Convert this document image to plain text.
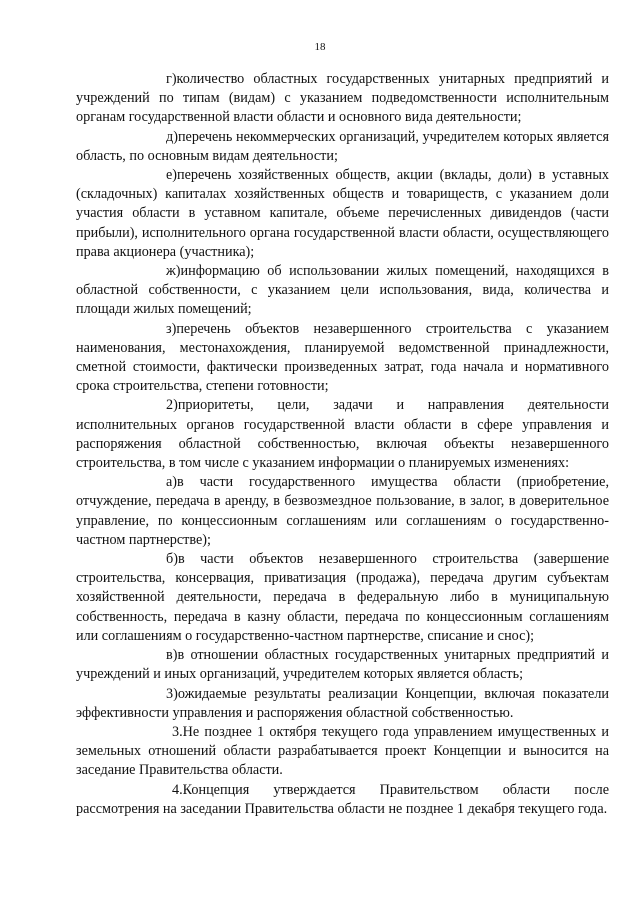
18

г)количество областных государственных унитарных предприятий и учреждений по типам (видам) с указанием подведомственности исполнительным органам государственной власти области и основного вида деятельности;

д)перечень некоммерческих организаций, учредителем которых является область, по основным видам деятельности;

е)перечень хозяйственных обществ, акции (вклады, доли) в уставных (складочных) капиталах хозяйственных обществ и товариществ, с указанием доли участия области в уставном капитале, объеме перечисленных дивидендов (части прибыли), исполнительного органа государственной власти области, осуществляющего права акционера (участника);

ж)информацию об использовании жилых помещений, находящихся в областной собственности, с указанием цели использования, вида, количества и площади жилых помещений;

з)перечень объектов незавершенного строительства с указанием наименования, местонахождения, планируемой ведомственной принадлежности, сметной стоимости, фактически произведенных затрат, года начала и нормативного срока строительства, степени готовности;

2)приоритеты, цели, задачи и направления деятельности исполнительных органов государственной власти области в сфере управления и распоряжения областной собственностью, включая объекты незавершенного строительства, в том числе с указанием информации о планируемых изменениях:

а)в части государственного имущества области (приобретение, отчуждение, передача в аренду, в безвозмездное пользование, в залог, в доверительное управление, по концессионным соглашениям или соглашениям о государственно-частном партнерстве);

б)в части объектов незавершенного строительства (завершение строительства, консервация, приватизация (продажа), передача другим субъектам хозяйственной деятельности, передача в федеральную либо в муниципальную собственность, передача в казну области, передача по концессионным соглашениям или соглашениям о государственно-частном партнерстве, списание и снос);

в)в отношении областных государственных унитарных предприятий и учреждений и иных организаций, учредителем которых является область;

3)ожидаемые результаты реализации Концепции, включая показатели эффективности управления и распоряжения областной собственностью.

3.Не позднее 1 октября текущего года управлением имущественных и земельных отношений области разрабатывается проект Концепции и выносится на заседание Правительства области.

4.Концепция утверждается Правительством области после рассмотрения на заседании Правительства области не позднее 1 декабря текущего года.
